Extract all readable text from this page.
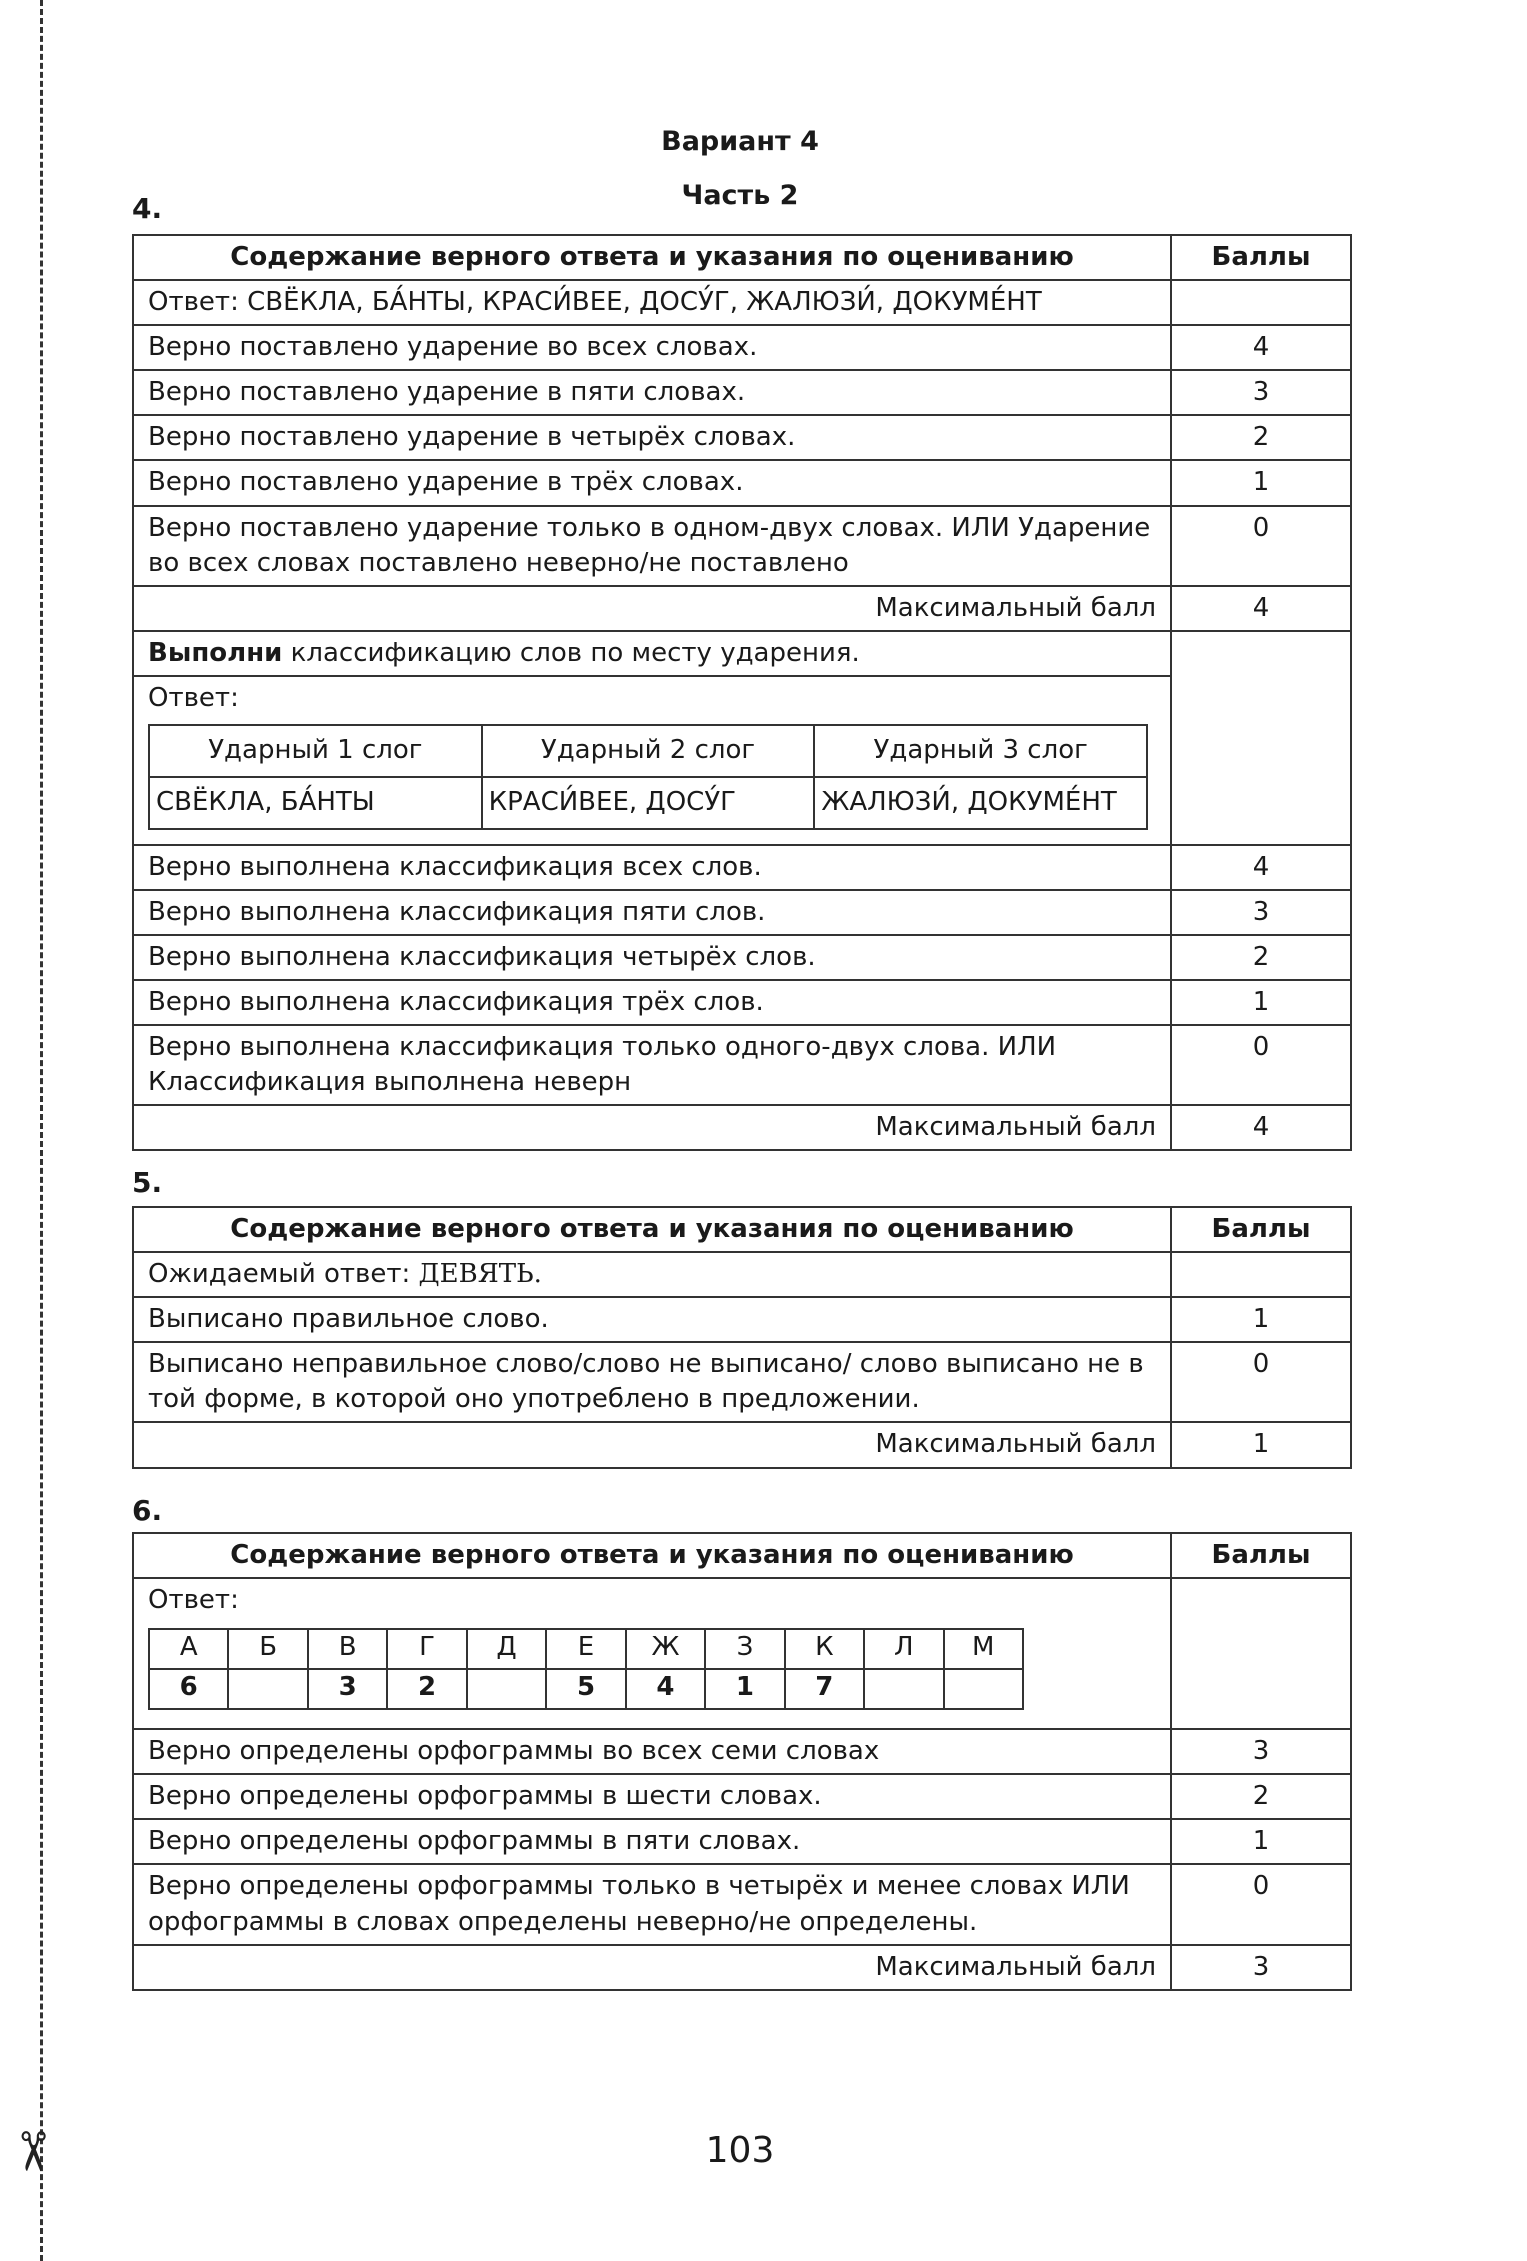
✂
Вариант 4
Часть 2
4.
Содержание верного ответа и указания по оцениванию	Баллы
Ответ: СВЁКЛА, БА́НТЫ, КРАСИ́ВЕЕ, ДОСУ́Г, ЖАЛЮЗИ́, ДОКУМЕ́НТ	
Верно поставлено ударение во всех словах.	4
Верно поставлено ударение в пяти словах.	3
Верно поставлено ударение в четырёх словах.	2
Верно поставлено ударение в трёх словах.	1
Верно поставлено ударение только в одном-двух словах. ИЛИ Ударение во всех словах поставлено неверно/не поставлено	0
Максимальный балл	4
Выполни классификацию слов по месту ударения.	

Ответ:
Ударный 1 слог	Ударный 2 слог	Ударный 3 слог
СВЁКЛА, БА́НТЫ	КРАСИ́ВЕЕ, ДОСУ́Г	ЖАЛЮЗИ́, ДОКУМЕ́НТ

Верно выполнена классификация всех слов.	4
Верно выполнена классификация пяти слов.	3
Верно выполнена классификация четырёх слов.	2
Верно выполнена классификация трёх слов.	1
Верно выполнена классификация только одного-двух слова. ИЛИ Классификация выполнена неверн	0
Максимальный балл	4
5.
Содержание верного ответа и указания по оцениванию	Баллы
Ожидаемый ответ: ДЕВЯТЬ.	
Выписано правильное слово.	1
Выписано неправильное слово/слово не выписано/ слово выписано не в той форме, в которой оно употреблено в предложении.	0
Максимальный балл	1
6.
Содержание верного ответа и указания по оцениванию	Баллы

Ответ:
А	Б	В	Г	Д	Е	Ж	З	К	Л	М
6		3	2		5	4	1	7		

Верно определены орфограммы во всех семи словах	3
Верно определены орфограммы в шести словах.	2
Верно определены орфограммы в пяти словах.	1
Верно определены орфограммы только в четырёх и менее словах ИЛИ орфограммы в словах определены неверно/не определены.	0
Максимальный балл	3
103
